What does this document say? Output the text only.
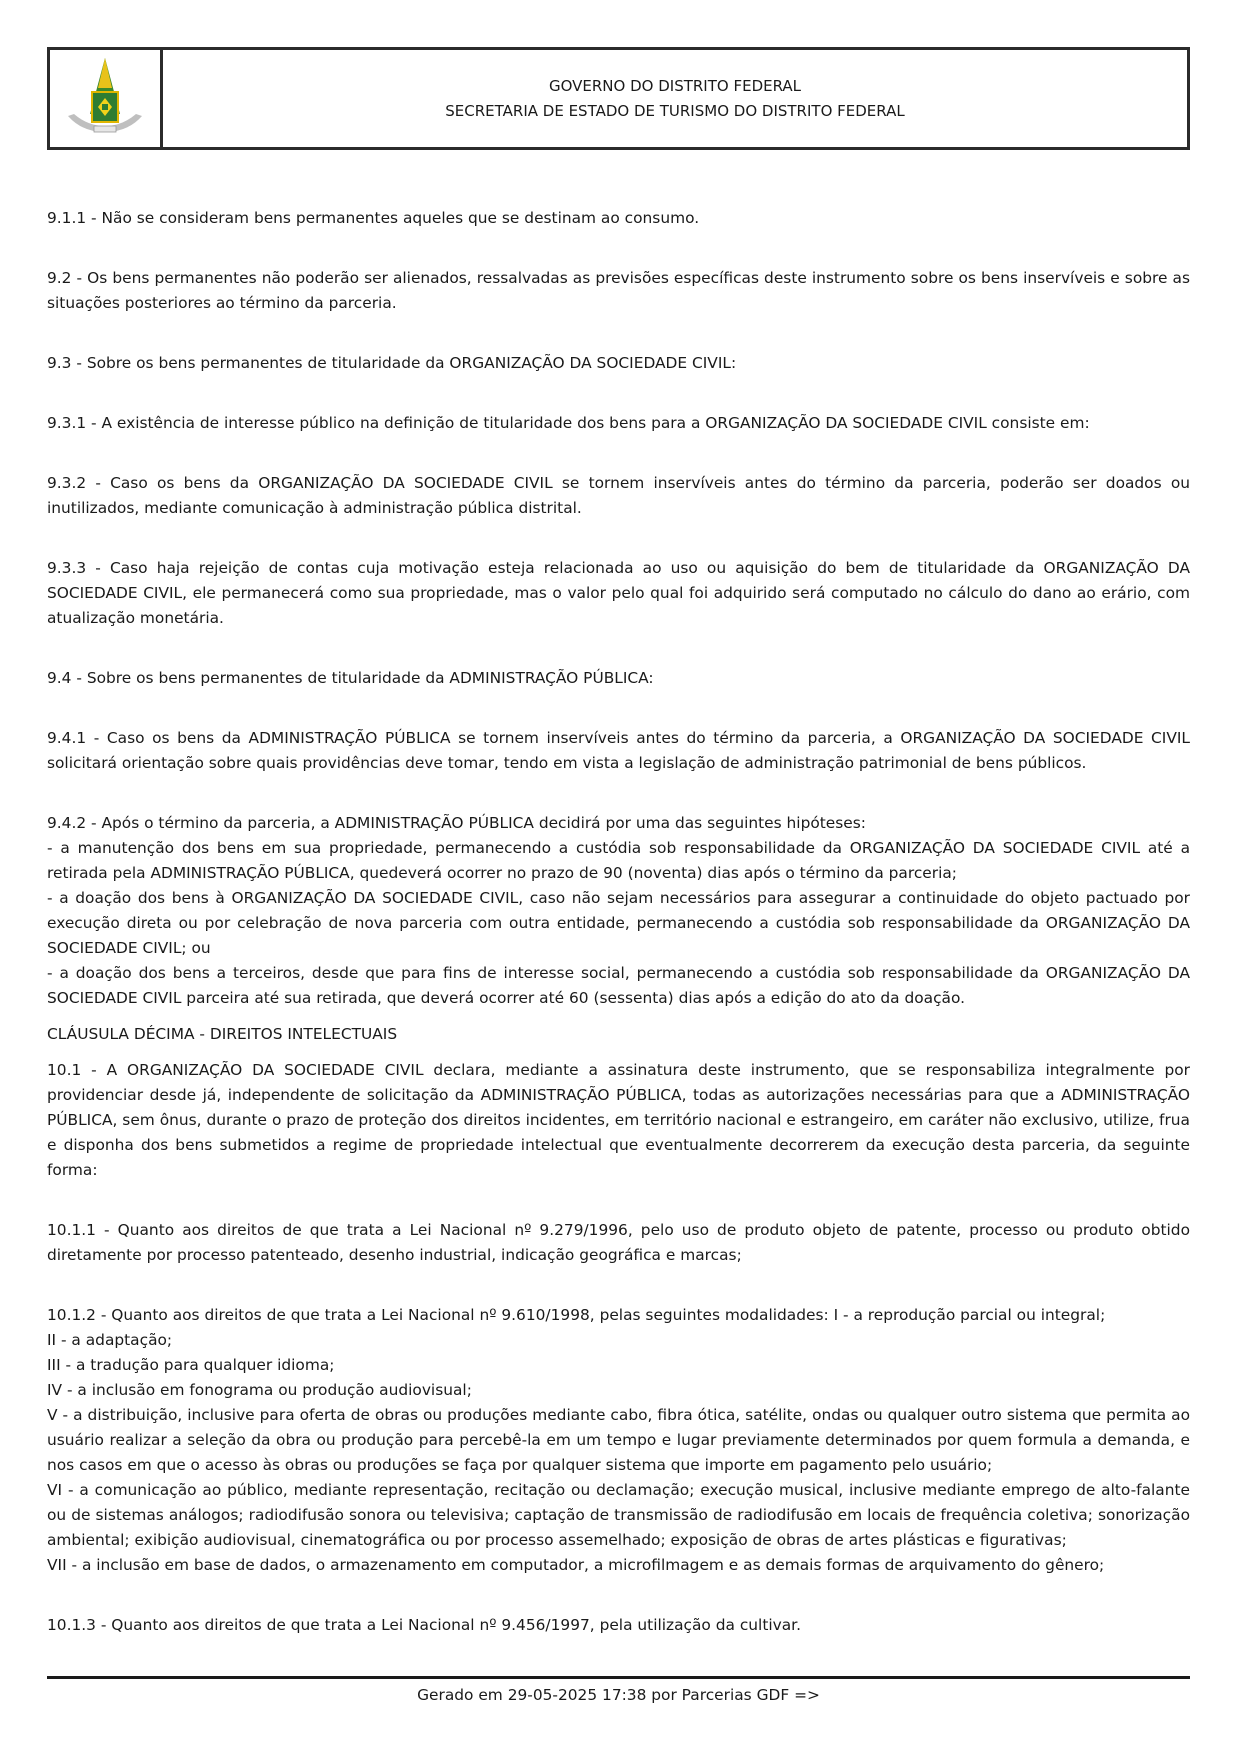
GOVERNO DO DISTRITO FEDERAL
SECRETARIA DE ESTADO DE TURISMO DO DISTRITO FEDERAL

9.1.1 - Não se consideram bens permanentes aqueles que se destinam ao consumo.

9.2 - Os bens permanentes não poderão ser alienados, ressalvadas as previsões específicas deste instrumento sobre os bens inservíveis e sobre as situações posteriores ao término da parceria.

9.3 - Sobre os bens permanentes de titularidade da ORGANIZAÇÃO DA SOCIEDADE CIVIL:

9.3.1 - A existência de interesse público na definição de titularidade dos bens para a ORGANIZAÇÃO DA SOCIEDADE CIVIL consiste em:

9.3.2 - Caso os bens da ORGANIZAÇÃO DA SOCIEDADE CIVIL se tornem inservíveis antes do término da parceria, poderão ser doados ou inutilizados, mediante comunicação à administração pública distrital.

9.3.3 - Caso haja rejeição de contas cuja motivação esteja relacionada ao uso ou aquisição do bem de titularidade da ORGANIZAÇÃO DA SOCIEDADE CIVIL, ele permanecerá como sua propriedade, mas o valor pelo qual foi adquirido será computado no cálculo do dano ao erário, com atualização monetária.

9.4 - Sobre os bens permanentes de titularidade da ADMINISTRAÇÃO PÚBLICA:

9.4.1 - Caso os bens da ADMINISTRAÇÃO PÚBLICA se tornem inservíveis antes do término da parceria, a ORGANIZAÇÃO DA SOCIEDADE CIVIL solicitará orientação sobre quais providências deve tomar, tendo em vista a legislação de administração patrimonial de bens públicos.

9.4.2 - Após o término da parceria, a ADMINISTRAÇÃO PÚBLICA decidirá por uma das seguintes hipóteses:
- a manutenção dos bens em sua propriedade, permanecendo a custódia sob responsabilidade da ORGANIZAÇÃO DA SOCIEDADE CIVIL até a retirada pela ADMINISTRAÇÃO PÚBLICA, quedeverá ocorrer no prazo de 90 (noventa) dias após o término da parceria;
- a doação dos bens à ORGANIZAÇÃO DA SOCIEDADE CIVIL, caso não sejam necessários para assegurar a continuidade do objeto pactuado por execução direta ou por celebração de nova parceria com outra entidade, permanecendo a custódia sob responsabilidade da ORGANIZAÇÃO DA SOCIEDADE CIVIL; ou
- a doação dos bens a terceiros, desde que para fins de interesse social, permanecendo a custódia sob responsabilidade da ORGANIZAÇÃO DA SOCIEDADE CIVIL parceira até sua retirada, que deverá ocorrer até 60 (sessenta) dias após a edição do ato da doação.

CLÁUSULA DÉCIMA - DIREITOS INTELECTUAIS

10.1 - A ORGANIZAÇÃO DA SOCIEDADE CIVIL declara, mediante a assinatura deste instrumento, que se responsabiliza integralmente por providenciar desde já, independente de solicitação da ADMINISTRAÇÃO PÚBLICA, todas as autorizações necessárias para que a ADMINISTRAÇÃO PÚBLICA, sem ônus, durante o prazo de proteção dos direitos incidentes, em território nacional e estrangeiro, em caráter não exclusivo, utilize, frua e disponha dos bens submetidos a regime de propriedade intelectual que eventualmente decorrerem da execução desta parceria, da seguinte forma:

10.1.1 - Quanto aos direitos de que trata a Lei Nacional nº 9.279/1996, pelo uso de produto objeto de patente, processo ou produto obtido diretamente por processo patenteado, desenho industrial, indicação geográfica e marcas;

10.1.2 - Quanto aos direitos de que trata a Lei Nacional nº 9.610/1998, pelas seguintes modalidades: I - a reprodução parcial ou integral;
II - a adaptação;
III - a tradução para qualquer idioma;
IV - a inclusão em fonograma ou produção audiovisual;
V - a distribuição, inclusive para oferta de obras ou produções mediante cabo, fibra ótica, satélite, ondas ou qualquer outro sistema que permita ao usuário realizar a seleção da obra ou produção para percebê-la em um tempo e lugar previamente determinados por quem formula a demanda, e nos casos em que o acesso às obras ou produções se faça por qualquer sistema que importe em pagamento pelo usuário;
VI - a comunicação ao público, mediante representação, recitação ou declamação; execução musical, inclusive mediante emprego de alto-falante ou de sistemas análogos; radiodifusão sonora ou televisiva; captação de transmissão de radiodifusão em locais de frequência coletiva; sonorização ambiental; exibição audiovisual, cinematográfica ou por processo assemelhado; exposição de obras de artes plásticas e figurativas;
VII - a inclusão em base de dados, o armazenamento em computador, a microfilmagem e as demais formas de arquivamento do gênero;

10.1.3 - Quanto aos direitos de que trata a Lei Nacional nº 9.456/1997, pela utilização da cultivar.

Gerado em 29-05-2025 17:38 por Parcerias GDF =>
